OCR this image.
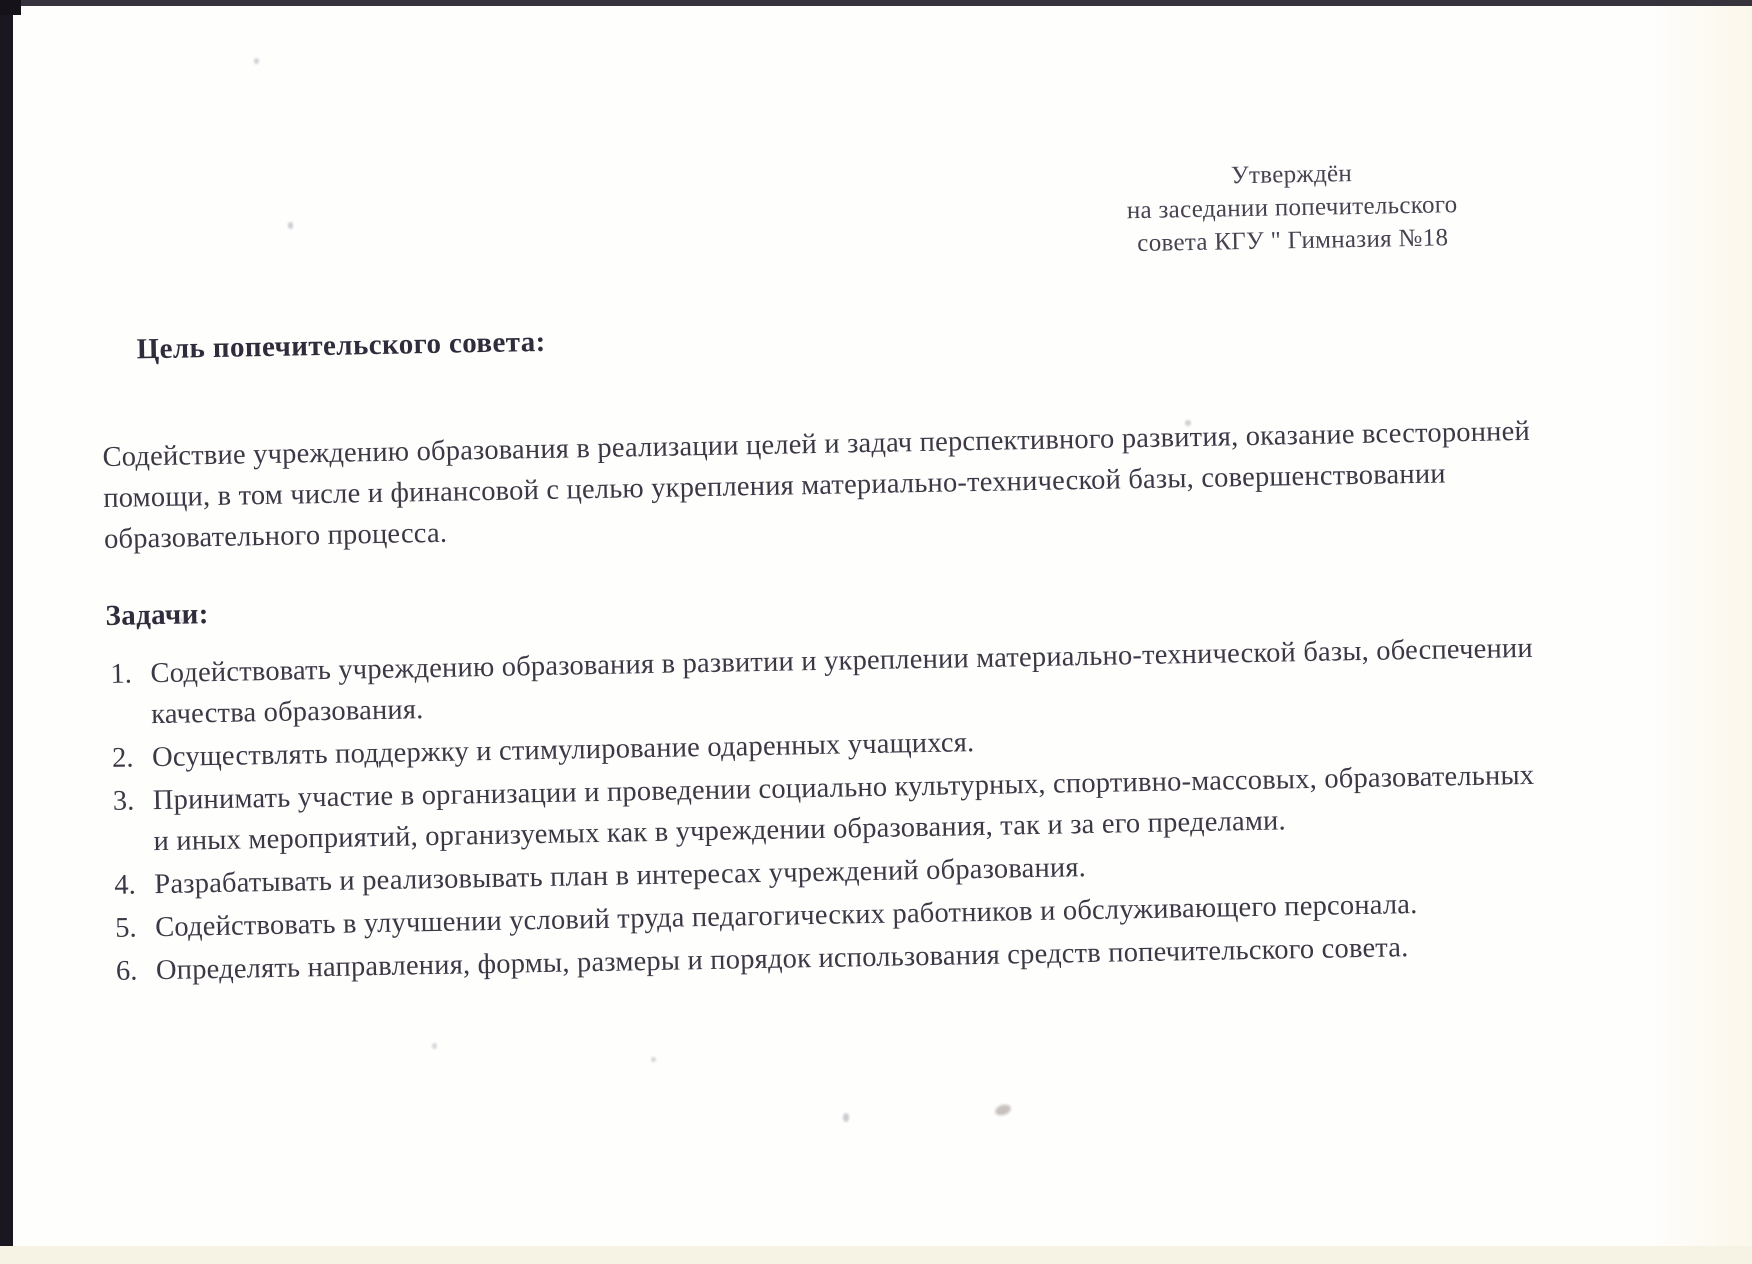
Утверждён
на заседании попечительского
совета КГУ " Гимназия №18
Цель попечительского совета:
Содействие учреждению образования в реализации целей и задач перспективного развития, оказание всесторонней помощи, в том числе и финансовой с целью укрепления материально-технической базы, совершенствовании образовательного процесса.
Задачи:
1. Содействовать учреждению образования в развитии и укреплении материально-технической базы, обеспечении качества образования.
2. Осуществлять поддержку и стимулирование одаренных учащихся.
3. Принимать участие в организации и проведении социально культурных, спортивно-массовых, образовательных и иных мероприятий, организуемых как в учреждении образования, так и за его пределами.
4. Разрабатывать и реализовывать план в интересах учреждений образования.
5. Содействовать в улучшении условий труда педагогических работников и обслуживающего персонала.
6. Определять направления, формы, размеры и порядок использования средств попечительского совета.
